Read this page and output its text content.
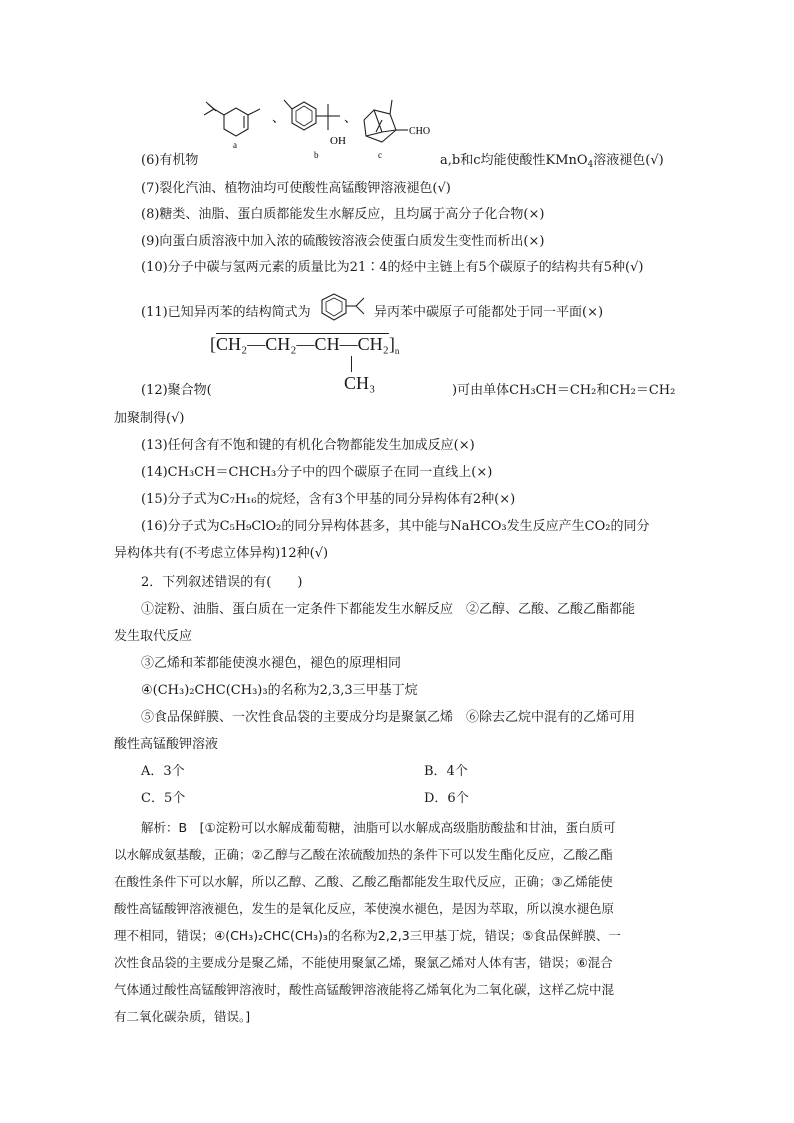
a
、
OH
b
、
CHO
c
(6)有机物	a,b和c均能使酸性KMnO$_4$溶液褪色(√)
(7)裂化汽油、植物油均可使酸性高锰酸钾溶液褪色(√)
(8)糖类、油脂、蛋白质都能发生水解反应，且均属于高分子化合物(×)
(9)向蛋白质溶液中加入浓的硫酸铵溶液会使蛋白质发生变性而析出(×)
(10)分子中碳与氢两元素的质量比为21∶4的烃中主链上有5个碳原子的结构共有5种(√)
(11)已知异丙苯的结构简式为	异丙苯中碳原子可能都处于同一平面(×)
$[CH_2—CH_2—CH—CH_2]_n$
CH₃
(12)聚合物(	)可由单体CH₃CH＝CH₂和CH₂＝CH₂
加聚制得(√)
(13)任何含有不饱和键的有机化合物都能发生加成反应(×)
(14)CH₃CH＝CHCH₃分子中的四个碳原子在同一直线上(×)
(15)分子式为C₇H₁₆的烷烃，含有3个甲基的同分异构体有2种(×)
(16)分子式为C₅H₉ClO₂的同分异构体甚多，其中能与NaHCO₃发生反应产生CO₂的同分
异构体共有(不考虑立体异构)12种(√)
2．下列叙述错误的有(　　)
①淀粉、油脂、蛋白质在一定条件下都能发生水解反应　②乙醇、乙酸、乙酸乙酯都能
发生取代反应
③乙烯和苯都能使溴水褪色，褪色的原理相同
④(CH₃)₂CHC(CH₃)₃的名称为2,3,3三甲基丁烷
⑤食品保鲜膜、一次性食品袋的主要成分均是聚氯乙烯　⑥除去乙烷中混有的乙烯可用
酸性高锰酸钾溶液
A．3个	B．4个
C．5个	D．6个
解析：B　[①淀粉可以水解成葡萄糖，油脂可以水解成高级脂肪酸盐和甘油，蛋白质可
以水解成氨基酸，正确；②乙醇与乙酸在浓硫酸加热的条件下可以发生酯化反应，乙酸乙酯
在酸性条件下可以水解，所以乙醇、乙酸、乙酸乙酯都能发生取代反应，正确；③乙烯能使
酸性高锰酸钾溶液褪色，发生的是氧化反应，苯使溴水褪色，是因为萃取，所以溴水褪色原
理不相同，错误；④(CH₃)₂CHC(CH₃)₃的名称为2,2,3三甲基丁烷，错误；⑤食品保鲜膜、一
次性食品袋的主要成分是聚乙烯，不能使用聚氯乙烯，聚氯乙烯对人体有害，错误；⑥混合
气体通过酸性高锰酸钾溶液时，酸性高锰酸钾溶液能将乙烯氧化为二氧化碳，这样乙烷中混
有二氧化碳杂质，错误。]
